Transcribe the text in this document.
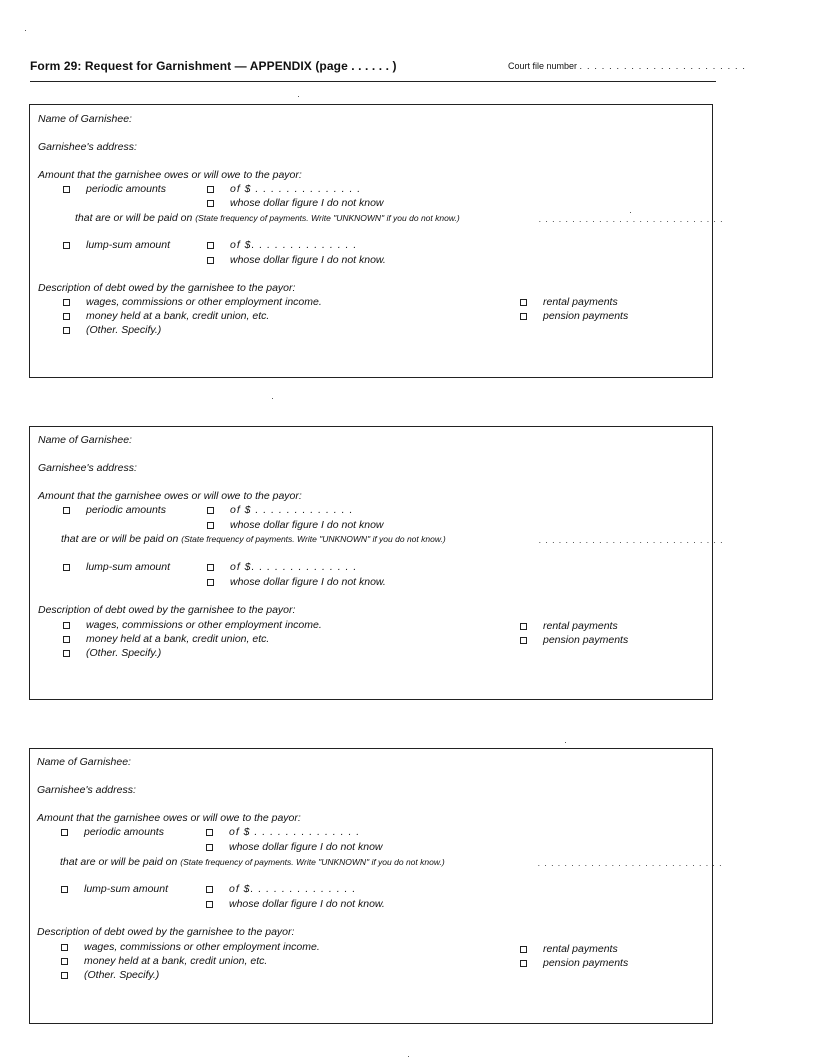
Form 29: Request for Garnishment — APPENDIX (page . . . . . . )	Court file number . . . . . . . . . . . . . . . . . . . . . . .
Name of Garnishee:
Garnishee's address:
Amount that the garnishee owes or will owe to the payor:
periodic amounts	of $ . . . . . . . . . . . . . .
whose dollar figure I do not know
that are or will be paid on (State frequency of payments. Write "UNKNOWN" if you do not know.)	. . . . . . . . . . . . . . . . . . . . . . . . . . . .
lump-sum amount	of $. . . . . . . . . . . . . .
whose dollar figure I do not know.
Description of debt owed by the garnishee to the payor:
wages, commissions or other employment income.
money held at a bank, credit union, etc.
(Other. Specify.)
rental payments
pension payments
Name of Garnishee:
Garnishee's address:
Amount that the garnishee owes or will owe to the payor:
periodic amounts	of $ . . . . . . . . . . . . .
whose dollar figure I do not know
that are or will be paid on (State frequency of payments. Write "UNKNOWN" if you do not know.)	. . . . . . . . . . . . . . . . . . . . . . . . . . . .
lump-sum amount	of $. . . . . . . . . . . . . .
whose dollar figure I do not know.
Description of debt owed by the garnishee to the payor:
wages, commissions or other employment income.
money held at a bank, credit union, etc.
(Other. Specify.)
rental payments
pension payments
Name of Garnishee:
Garnishee's address:
Amount that the garnishee owes or will owe to the payor:
periodic amounts	of $ . . . . . . . . . . . . . .
whose dollar figure I do not know
that are or will be paid on (State frequency of payments. Write "UNKNOWN" if you do not know.)	. . . . . . . . . . . . . . . . . . . . . . . . . . . .
lump-sum amount	of $. . . . . . . . . . . . . .
whose dollar figure I do not know.
Description of debt owed by the garnishee to the payor:
wages, commissions or other employment income.
money held at a bank, credit union, etc.
(Other. Specify.)
rental payments
pension payments
